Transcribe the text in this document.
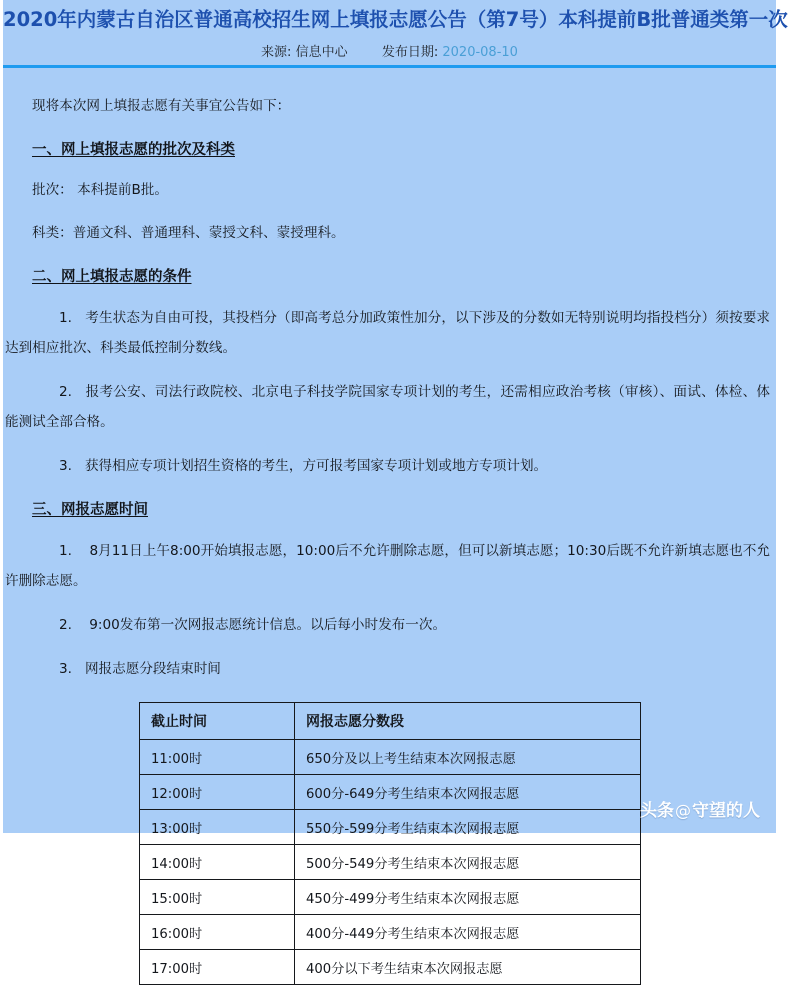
2020年内蒙古自治区普通高校招生网上填报志愿公告（第7号）本科提前B批普通类第一次
来源: 信息中心	发布日期: 2020-08-10

现将本次网上填报志愿有关事宜公告如下：

一、网上填报志愿的批次及科类

批次： 本科提前B批。

科类：普通文科、普通理科、蒙授文科、蒙授理科。

二、网上填报志愿的条件

1. 考生状态为自由可投，其投档分（即高考总分加政策性加分，以下涉及的分数如无特别说明均指投档分）须按要求达到相应批次、科类最低控制分数线。

2. 报考公安、司法行政院校、北京电子科技学院国家专项计划的考生，还需相应政治考核（审核）、面试、体检、体能测试全部合格。

3. 获得相应专项计划招生资格的考生，方可报考国家专项计划或地方专项计划。

三、网报志愿时间

1. 8月11日上午8:00开始填报志愿，10:00后不允许删除志愿，但可以新填志愿；10:30后既不允许新填志愿也不允许删除志愿。

2. 9:00发布第一次网报志愿统计信息。以后每小时发布一次。

3. 网报志愿分段结束时间

截止时间	网报志愿分数段
11:00时	650分及以上考生结束本次网报志愿
12:00时	600分-649分考生结束本次网报志愿
13:00时	550分-599分考生结束本次网报志愿
14:00时	500分-549分考生结束本次网报志愿
15:00时	450分-499分考生结束本次网报志愿
16:00时	400分-449分考生结束本次网报志愿
17:00时	400分以下考生结束本次网报志愿
头条@守望的人
